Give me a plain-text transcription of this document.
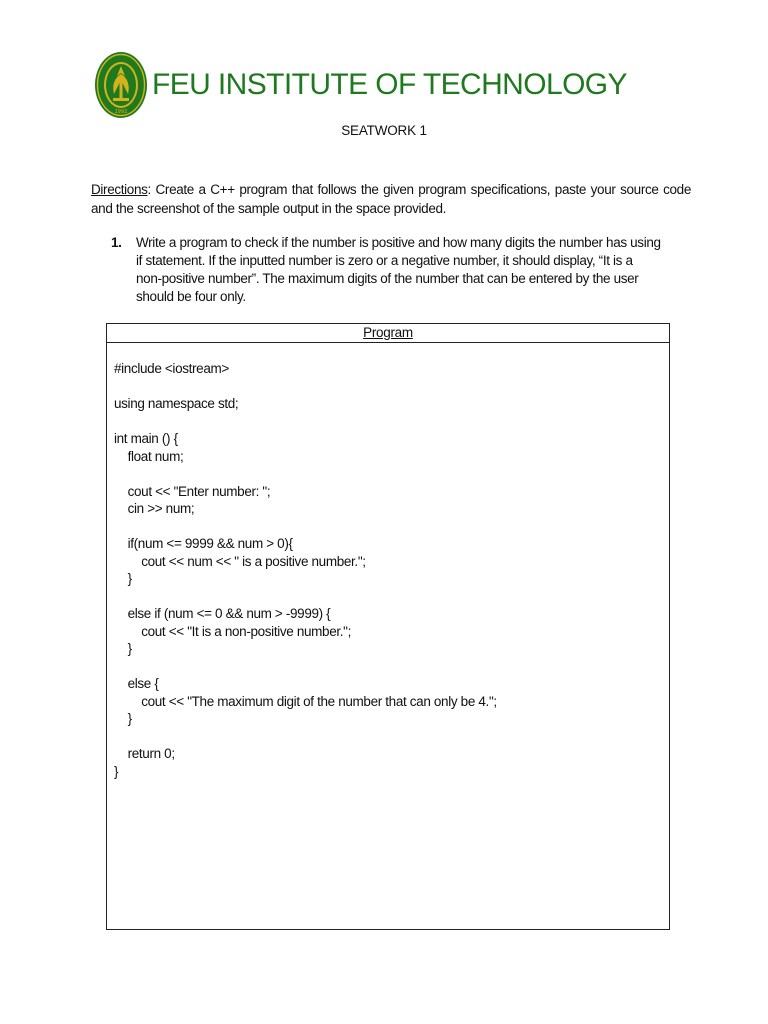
1992
FEU INSTITUTE OF TECHNOLOGY
SEATWORK 1
Directions: Create a C++ program that follows the given program specifications, paste your source code and the screenshot of the sample output in the space provided.
1.	Write a program to check if the number is positive and how many digits the number has using if statement. If the inputted number is zero or a negative number, it should display, “It is a non-positive number”. The maximum digits of the number that can be entered by the user should be four only.
Program
#include <iostream>

using namespace std;

int main () {
float num;

cout << "Enter number: ";
cin >> num;

if(num <= 9999 && num > 0){
cout << num << " is a positive number.";
}

else if (num <= 0 && num > -9999) {
cout << "It is a non-positive number.";
}

else {
cout << "The maximum digit of the number that can only be 4.";
}

return 0;
}
